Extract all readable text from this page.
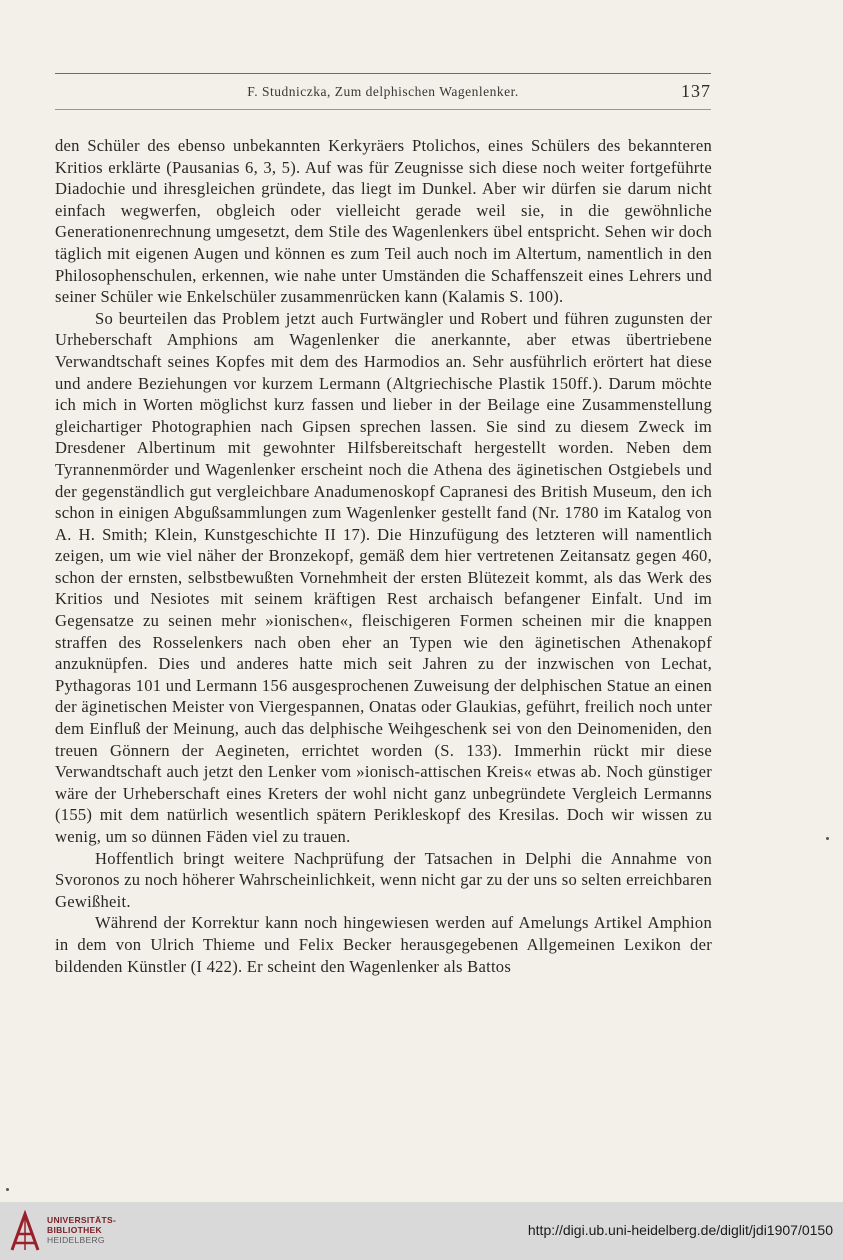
F. Studniczka, Zum delphischen Wagenlenker.	137

den Schüler des ebenso unbekannten Kerkyräers Ptolichos, eines Schülers des bekannteren Kritios erklärte (Pausanias 6, 3, 5). Auf was für Zeugnisse sich diese noch weiter fortgeführte Diadochie und ihresgleichen gründete, das liegt im Dunkel. Aber wir dürfen sie darum nicht einfach wegwerfen, obgleich oder vielleicht gerade weil sie, in die gewöhnliche Generationenrechnung umgesetzt, dem Stile des Wagenlenkers übel entspricht. Sehen wir doch täglich mit eigenen Augen und können es zum Teil auch noch im Altertum, namentlich in den Philosophenschulen, erkennen, wie nahe unter Umständen die Schaffenszeit eines Lehrers und seiner Schüler wie Enkelschüler zusammenrücken kann (Kalamis S. 100).

So beurteilen das Problem jetzt auch Furtwängler und Robert und führen zugunsten der Urheberschaft Amphions am Wagenlenker die anerkannte, aber etwas übertriebene Verwandtschaft seines Kopfes mit dem des Harmodios an. Sehr ausführlich erörtert hat diese und andere Beziehungen vor kurzem Lermann (Altgriechische Plastik 150ff.). Darum möchte ich mich in Worten möglichst kurz fassen und lieber in der Beilage eine Zusammenstellung gleichartiger Photographien nach Gipsen sprechen lassen. Sie sind zu diesem Zweck im Dresdener Albertinum mit gewohnter Hilfsbereitschaft hergestellt worden. Neben dem Tyrannenmörder und Wagenlenker erscheint noch die Athena des äginetischen Ostgiebels und der gegenständlich gut vergleichbare Anadumenoskopf Capranesi des British Museum, den ich schon in einigen Abgußsammlungen zum Wagenlenker gestellt fand (Nr. 1780 im Katalog von A. H. Smith; Klein, Kunstgeschichte II 17). Die Hinzufügung des letzteren will namentlich zeigen, um wie viel näher der Bronzekopf, gemäß dem hier vertretenen Zeitansatz gegen 460, schon der ernsten, selbstbewußten Vornehmheit der ersten Blütezeit kommt, als das Werk des Kritios und Nesiotes mit seinem kräftigen Rest archaisch befangener Einfalt. Und im Gegensatze zu seinen mehr »ionischen«, fleischigeren Formen scheinen mir die knappen straffen des Rosselenkers nach oben eher an Typen wie den äginetischen Athenakopf anzuknüpfen. Dies und anderes hatte mich seit Jahren zu der inzwischen von Lechat, Pythagoras 101 und Lermann 156 ausgesprochenen Zuweisung der delphischen Statue an einen der äginetischen Meister von Viergespannen, Onatas oder Glaukias, geführt, freilich noch unter dem Einfluß der Meinung, auch das delphische Weihgeschenk sei von den Deinomeniden, den treuen Gönnern der Aegineten, errichtet worden (S. 133). Immerhin rückt mir diese Verwandtschaft auch jetzt den Lenker vom »ionisch-attischen Kreis« etwas ab. Noch günstiger wäre der Urheberschaft eines Kreters der wohl nicht ganz unbegründete Vergleich Lermanns (155) mit dem natürlich wesentlich spätern Perikleskopf des Kresilas. Doch wir wissen zu wenig, um so dünnen Fäden viel zu trauen.

Hoffentlich bringt weitere Nachprüfung der Tatsachen in Delphi die Annahme von Svoronos zu noch höherer Wahrscheinlichkeit, wenn nicht gar zu der uns so selten erreichbaren Gewißheit.

Während der Korrektur kann noch hingewiesen werden auf Amelungs Artikel Amphion in dem von Ulrich Thieme und Felix Becker herausgegebenen Allgemeinen Lexikon der bildenden Künstler (I 422). Er scheint den Wagenlenker als Battos

UNIVERSITÄTS-
BIBLIOTHEK
HEIDELBERG
http://digi.ub.uni-heidelberg.de/diglit/jdi1907/0150
